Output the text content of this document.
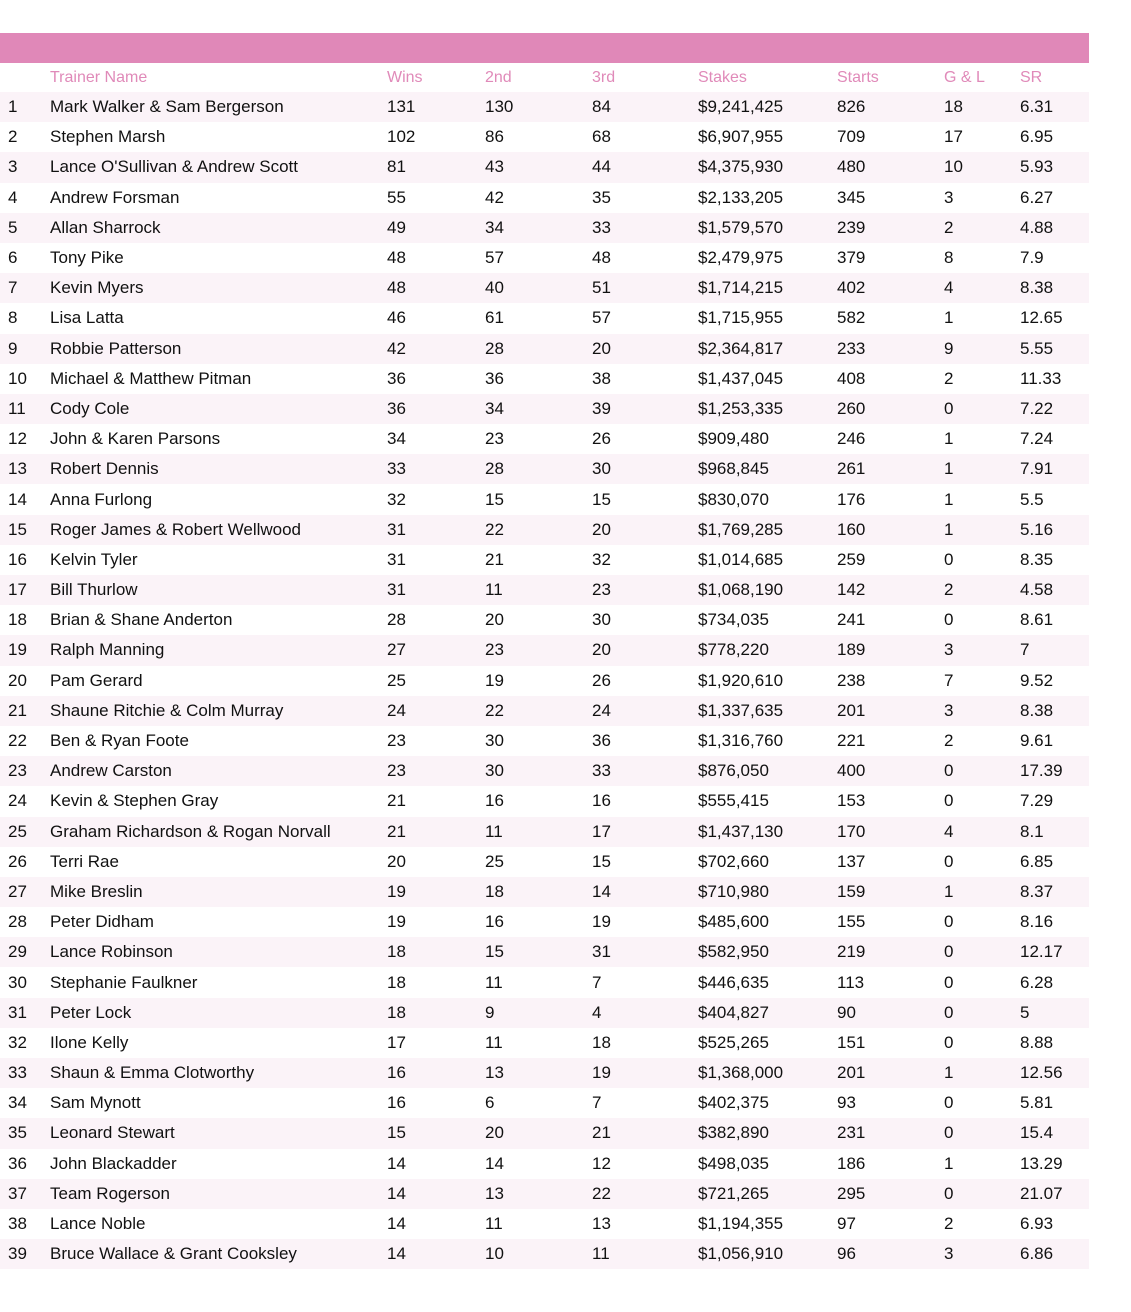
	Trainer Name	Wins	2nd	3rd	Stakes	Starts	G & L	SR
1	Mark Walker & Sam Bergerson	131	130	84	$9,241,425	826	18	6.31
2	Stephen Marsh	102	86	68	$6,907,955	709	17	6.95
3	Lance O'Sullivan & Andrew Scott	81	43	44	$4,375,930	480	10	5.93
4	Andrew Forsman	55	42	35	$2,133,205	345	3	6.27
5	Allan Sharrock	49	34	33	$1,579,570	239	2	4.88
6	Tony Pike	48	57	48	$2,479,975	379	8	7.9
7	Kevin Myers	48	40	51	$1,714,215	402	4	8.38
8	Lisa Latta	46	61	57	$1,715,955	582	1	12.65
9	Robbie Patterson	42	28	20	$2,364,817	233	9	5.55
10	Michael & Matthew Pitman	36	36	38	$1,437,045	408	2	11.33
11	Cody Cole	36	34	39	$1,253,335	260	0	7.22
12	John & Karen Parsons	34	23	26	$909,480	246	1	7.24
13	Robert Dennis	33	28	30	$968,845	261	1	7.91
14	Anna Furlong	32	15	15	$830,070	176	1	5.5
15	Roger James & Robert Wellwood	31	22	20	$1,769,285	160	1	5.16
16	Kelvin Tyler	31	21	32	$1,014,685	259	0	8.35
17	Bill Thurlow	31	11	23	$1,068,190	142	2	4.58
18	Brian & Shane Anderton	28	20	30	$734,035	241	0	8.61
19	Ralph Manning	27	23	20	$778,220	189	3	7
20	Pam Gerard	25	19	26	$1,920,610	238	7	9.52
21	Shaune Ritchie & Colm Murray	24	22	24	$1,337,635	201	3	8.38
22	Ben & Ryan Foote	23	30	36	$1,316,760	221	2	9.61
23	Andrew Carston	23	30	33	$876,050	400	0	17.39
24	Kevin & Stephen Gray	21	16	16	$555,415	153	0	7.29
25	Graham Richardson & Rogan Norvall	21	11	17	$1,437,130	170	4	8.1
26	Terri Rae	20	25	15	$702,660	137	0	6.85
27	Mike Breslin	19	18	14	$710,980	159	1	8.37
28	Peter Didham	19	16	19	$485,600	155	0	8.16
29	Lance Robinson	18	15	31	$582,950	219	0	12.17
30	Stephanie Faulkner	18	11	7	$446,635	113	0	6.28
31	Peter Lock	18	9	4	$404,827	90	0	5
32	Ilone Kelly	17	11	18	$525,265	151	0	8.88
33	Shaun & Emma Clotworthy	16	13	19	$1,368,000	201	1	12.56
34	Sam Mynott	16	6	7	$402,375	93	0	5.81
35	Leonard Stewart	15	20	21	$382,890	231	0	15.4
36	John Blackadder	14	14	12	$498,035	186	1	13.29
37	Team Rogerson	14	13	22	$721,265	295	0	21.07
38	Lance Noble	14	11	13	$1,194,355	97	2	6.93
39	Bruce Wallace & Grant Cooksley	14	10	11	$1,056,910	96	3	6.86
